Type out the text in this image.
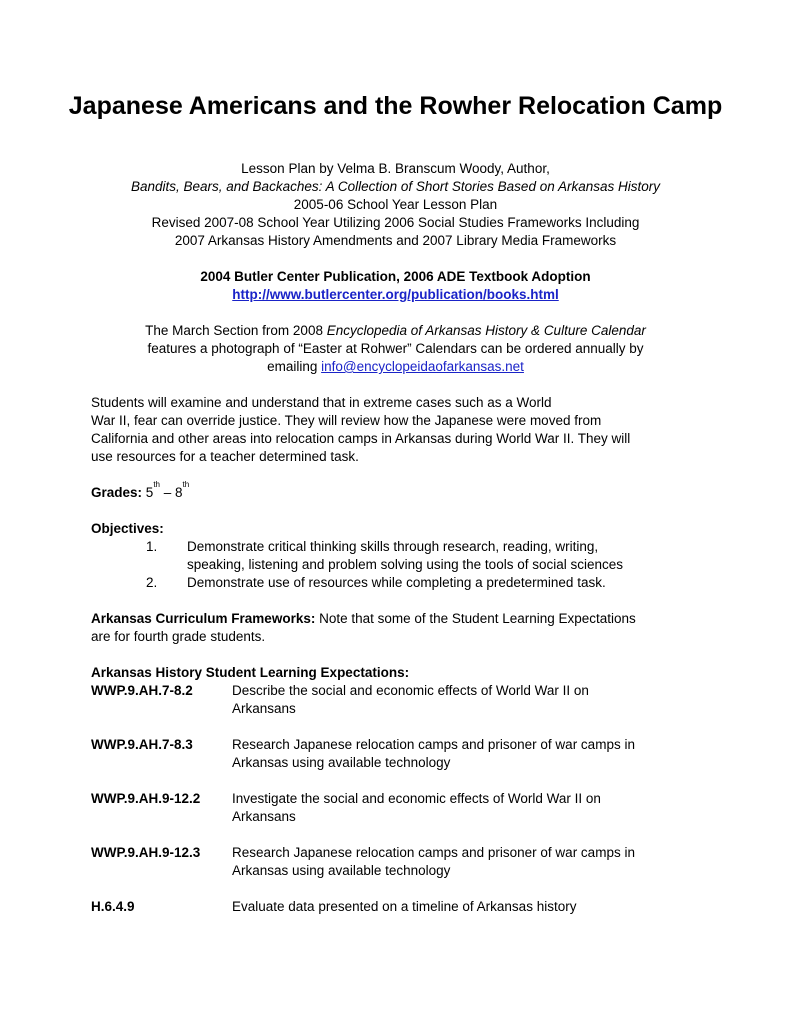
Japanese Americans and the Rowher Relocation Camp
Lesson Plan by Velma B. Branscum Woody, Author,
Bandits, Bears, and Backaches: A Collection of Short Stories Based on Arkansas History
2005-06 School Year Lesson Plan
Revised 2007-08 School Year Utilizing 2006 Social Studies Frameworks Including
2007 Arkansas History Amendments and 2007 Library Media Frameworks
2004 Butler Center Publication, 2006 ADE Textbook Adoption
http://www.butlercenter.org/publication/books.html
The March Section from 2008 Encyclopedia of Arkansas History & Culture Calendar
features a photograph of “Easter at Rohwer” Calendars can be ordered annually by
emailing info@encyclopeidaofarkansas.net
Students will examine and understand that in extreme cases such as a World
War II, fear can override justice. They will review how the Japanese were moved from
California and other areas into relocation camps in Arkansas during World War II. They will
use resources for a teacher determined task.
Grades: 5th – 8th
Objectives:
1. Demonstrate critical thinking skills through research, reading, writing,
speaking, listening and problem solving using the tools of social sciences
2. Demonstrate use of resources while completing a predetermined task.
Arkansas Curriculum Frameworks: Note that some of the Student Learning Expectations
are for fourth grade students.
Arkansas History Student Learning Expectations:
WWP.9.AH.7-8.2	Describe the social and economic effects of World War II on
Arkansans
WWP.9.AH.7-8.3	Research Japanese relocation camps and prisoner of war camps in
Arkansas using available technology
WWP.9.AH.9-12.2 Investigate the social and economic effects of World War II on
Arkansans
WWP.9.AH.9-12.3 Research Japanese relocation camps and prisoner of war camps in
Arkansas using available technology
H.6.4.9	Evaluate data presented on a timeline of Arkansas history
